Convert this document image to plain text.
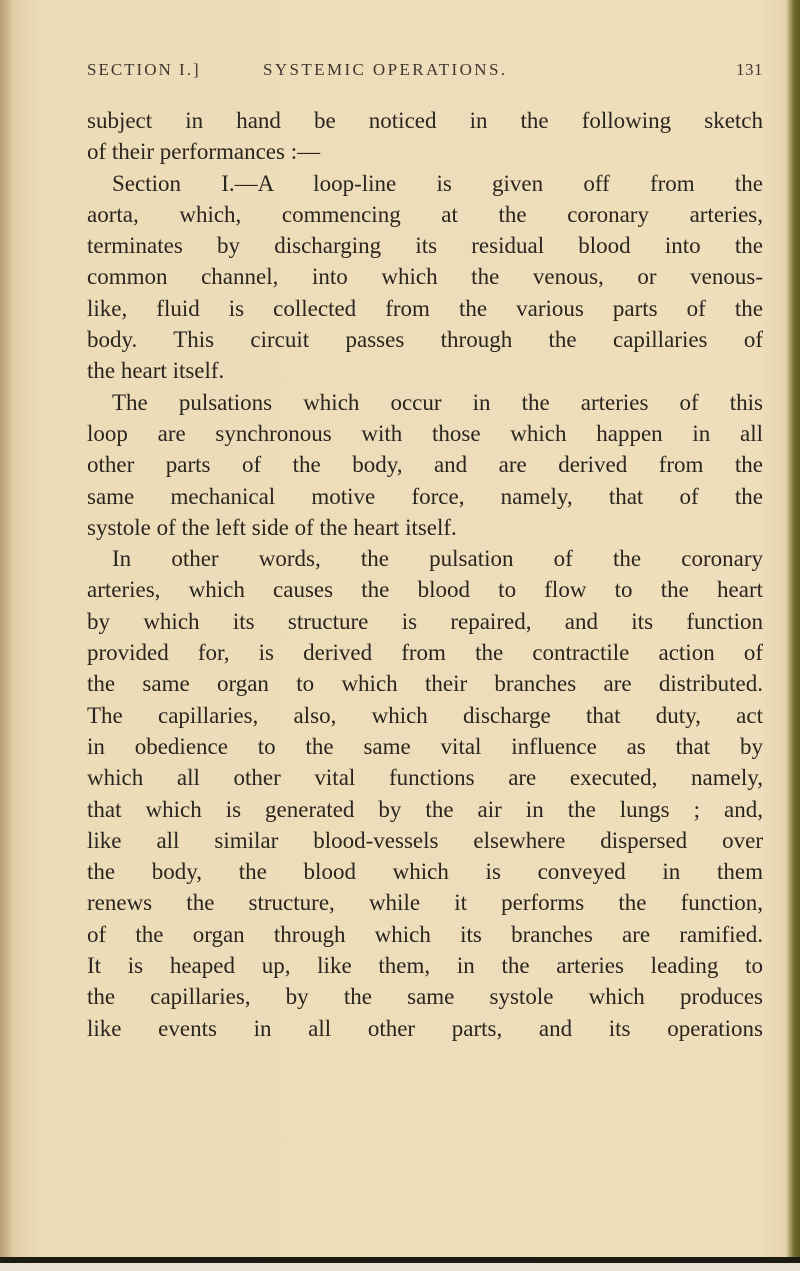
SECTION I.]	SYSTEMIC OPERATIONS.	131
subject in hand be noticed in the following sketch
of their performances :—
Section I.—A loop-line is given off from the
aorta, which, commencing at the coronary arteries,
terminates by discharging its residual blood into the
common channel, into which the venous, or venous-
like, fluid is collected from the various parts of the
body. This circuit passes through the capillaries of
the heart itself.
The pulsations which occur in the arteries of this
loop are synchronous with those which happen in all
other parts of the body, and are derived from the
same mechanical motive force, namely, that of the
systole of the left side of the heart itself.
In other words, the pulsation of the coronary
arteries, which causes the blood to flow to the heart
by which its structure is repaired, and its function
provided for, is derived from the contractile action of
the same organ to which their branches are distributed.
The capillaries, also, which discharge that duty, act
in obedience to the same vital influence as that by
which all other vital functions are executed, namely,
that which is generated by the air in the lungs ; and,
like all similar blood-vessels elsewhere dispersed over
the body, the blood which is conveyed in them
renews the structure, while it performs the function,
of the organ through which its branches are ramified.
It is heaped up, like them, in the arteries leading to
the capillaries, by the same systole which produces
like events in all other parts, and its operations
